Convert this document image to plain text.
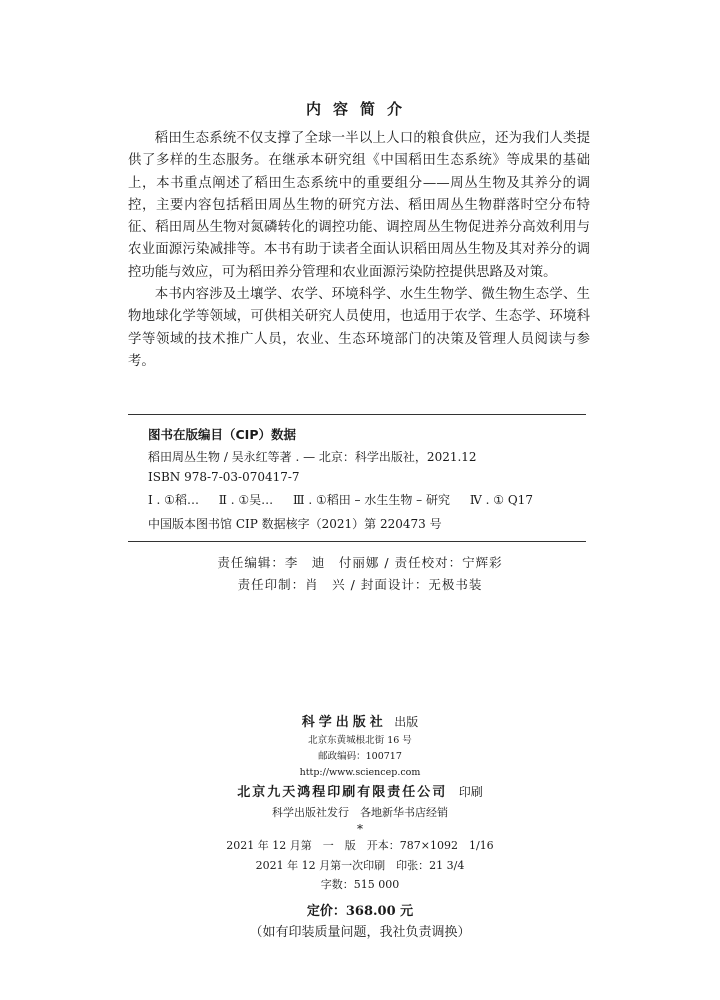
内容简介

稻田生态系统不仅支撑了全球一半以上人口的粮食供应，还为我们人类提供了多样的生态服务。在继承本研究组《中国稻田生态系统》等成果的基础上，本书重点阐述了稻田生态系统中的重要组分——周丛生物及其养分的调控，主要内容包括稻田周丛生物的研究方法、稻田周丛生物群落时空分布特征、稻田周丛生物对氮磷转化的调控功能、调控周丛生物促进养分高效利用与农业面源污染减排等。本书有助于读者全面认识稻田周丛生物及其对养分的调控功能与效应，可为稻田养分管理和农业面源污染防控提供思路及对策。

本书内容涉及土壤学、农学、环境科学、水生生物学、微生物生态学、生物地球化学等领域，可供相关研究人员使用，也适用于农学、生态学、环境科学等领域的技术推广人员，农业、生态环境部门的决策及管理人员阅读与参考。

图书在版编目（CIP）数据
稻田周丛生物 / 吴永红等著 . — 北京：科学出版社，2021.12
ISBN 978-7-03-070417-7
Ⅰ . ①稻… Ⅱ . ①吴… Ⅲ . ①稻田 – 水生生物 – 研究 Ⅳ . ① Q17
中国版本图书馆 CIP 数据核字（2021）第 220473 号
责任编辑：李　迪　付丽娜 / 责任校对：宁辉彩
责任印制：肖　兴 / 封面设计：无极书装
科学出版社 出版
北京东黄城根北街 16 号
邮政编码：100717
http://www.sciencep.com
北京九天鸿程印刷有限责任公司 印刷
科学出版社发行　各地新华书店经销
*
2021 年 12 月第　一　版　开本：787×1092　1/16
2021 年 12 月第一次印刷　印张：21 3/4
字数：515 000
定价：368.00 元
（如有印装质量问题，我社负责调换）
